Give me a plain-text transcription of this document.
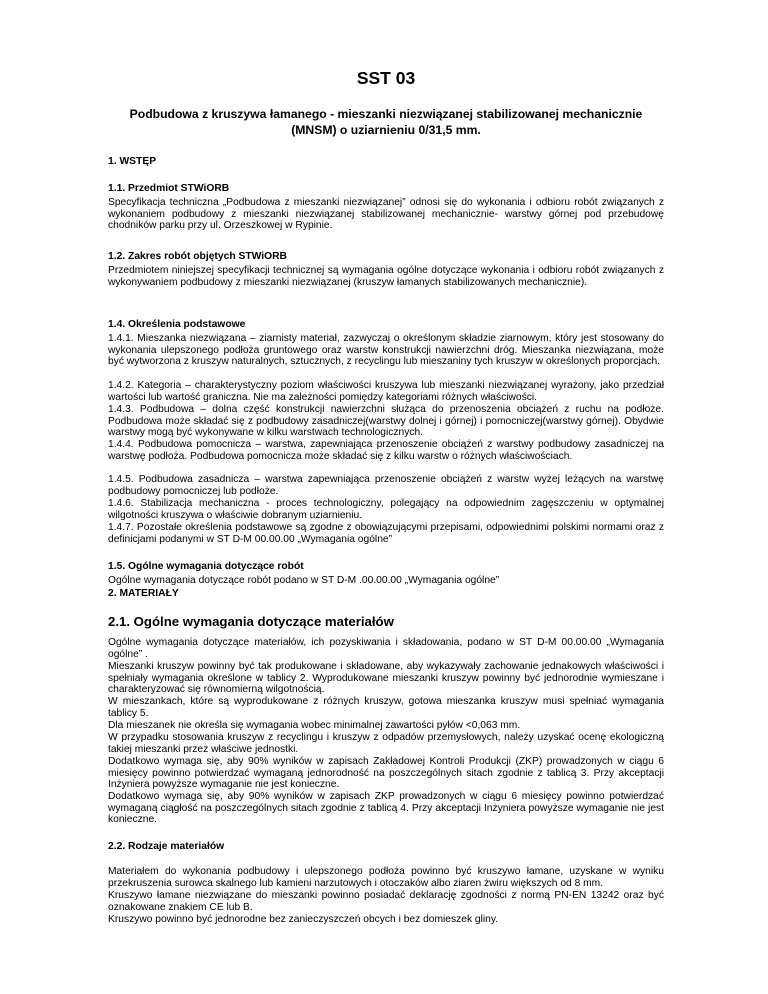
SST 03
Podbudowa z kruszywa łamanego - mieszanki niezwiązanej stabilizowanej mechanicznie
(MNSM) o uziarnieniu 0/31,5 mm.
1. WSTĘP
1.1. Przedmiot STWiORB

Specyfikacja techniczna „Podbudowa z mieszanki niezwiązanej” odnosi się do wykonania i odbioru robót związanych z wykonaniem podbudowy z mieszanki niezwiązanej stabilizowanej mechanicznie- warstwy górnej pod przebudowę chodników parku przy ul. Orzeszkowej w Rypinie.

1.2. Zakres robót objętych STWiORB

Przedmiotem niniejszej specyfikacji technicznej są wymagania ogólne dotyczące wykonania i odbioru robót związanych z wykonywaniem podbudowy z mieszanki niezwiązanej (kruszyw łamanych stabilizowanych mechanicznie).

1.4. Określenia podstawowe

1.4.1. Mieszanka niezwiązana – ziarnisty materiał, zazwyczaj o określonym składzie ziarnowym, który jest stosowany do wykonania ulepszonego podłoża gruntowego oraz warstw konstrukcji nawierzchni dróg. Mieszanka niezwiązana, może być wytworzona z kruszyw naturalnych, sztucznych, z recyclingu lub mieszaniny tych kruszyw w określonych proporcjach.

1.4.2. Kategoria – charakterystyczny poziom właściwości kruszywa lub mieszanki niezwiązanej wyrażony, jako przedział wartości lub wartość graniczna. Nie ma zależności pomiędzy kategoriami różnych właściwości.

1.4.3. Podbudowa – dolna część konstrukcji nawierzchni służąca do przenoszenia obciążeń z ruchu na podłoże. Podbudowa może składać się z podbudowy zasadniczej(warstwy dolnej i górnej) i pomocniczej(warstwy górnej). Obydwie warstwy mogą być wykonywane w kilku warstwach technologicznych.

1.4.4. Podbudowa pomocnicza – warstwa, zapewniająca przenoszenie obciążeń z warstwy podbudowy zasadniczej na warstwę podłoża. Podbudowa pomocnicza może składać się z kilku warstw o różnych właściwościach.

1.4.5. Podbudowa zasadnicza – warstwa zapewniająca przenoszenie obciążeń z warstw wyżej leżących na warstwę podbudowy pomocniczej lub podłoże.

1.4.6. Stabilizacja mechaniczna - proces technologiczny, polegający na odpowiednim zagęszczeniu w optymalnej wilgotności kruszywa o właściwie dobranym uziarnieniu.

1.4.7. Pozostałe określenia podstawowe są zgodne z obowiązującymi przepisami, odpowiednimi polskimi normami oraz z definicjami podanymi w ST D-M 00.00.00 „Wymagania ogólne”

1.5. Ogólne wymagania dotyczące robót

Ogólne wymagania dotyczące robót podano w ST D-M .00.00.00 „Wymagania ogólne”

2. MATERIAŁY
2.1. Ogólne wymagania dotyczące materiałów

Ogólne wymagania dotyczące materiałów, ich pozyskiwania i składowania, podano w ST D-M 00.00.00 „Wymagania ogólne” .

Mieszanki kruszyw powinny być tak produkowane i składowane, aby wykazywały zachowanie jednakowych właściwości i spełniały wymagania określone w tablicy 2. Wyprodukowane mieszanki kruszyw powinny być jednorodnie wymieszane i charakteryzować się równomierną wilgotnością.

W mieszankach, które są wyprodukowane z różnych kruszyw, gotowa mieszanka kruszyw musi spełniać wymagania tablicy 5.

Dla mieszanek nie określa się wymagania wobec minimalnej zawartości pyłów <0,063 mm.

W przypadku stosowania kruszyw z recyclingu i kruszyw z odpadów przemysłowych, należy uzyskać ocenę ekologiczną takiej mieszanki przez właściwe jednostki.

Dodatkowo wymaga się, aby 90% wyników w zapisach Zakładowej Kontroli Produkcji (ZKP) prowadzonych w ciągu 6 miesięcy powinno potwierdzać wymaganą jednorodność na poszczególnych sitach zgodnie z tablicą 3. Przy akceptacji Inżyniera powyższe wymaganie nie jest konieczne.

Dodatkowo wymaga się, aby 90% wyników w zapisach ZKP prowadzonych w ciągu 6 miesięcy powinno potwierdzać wymaganą ciągłość na poszczególnych sitach zgodnie z tablicą 4. Przy akceptacji Inżyniera powyższe wymaganie nie jest konieczne.

2.2. Rodzaje materiałów

Materiałem do wykonania podbudowy i ulepszonego podłoża powinno być kruszywo łamane, uzyskane w wyniku przekruszenia surowca skalnego lub kamieni narzutowych i otoczaków albo ziaren żwiru większych od 8 mm.

Kruszywo łamane niezwiązane do mieszanki powinno posiadać deklarację zgodności z normą PN-EN 13242 oraz być oznakowane znakiem CE lub B.

Kruszywo powinno być jednorodne bez zanieczyszczeń obcych i bez domieszek gliny.
